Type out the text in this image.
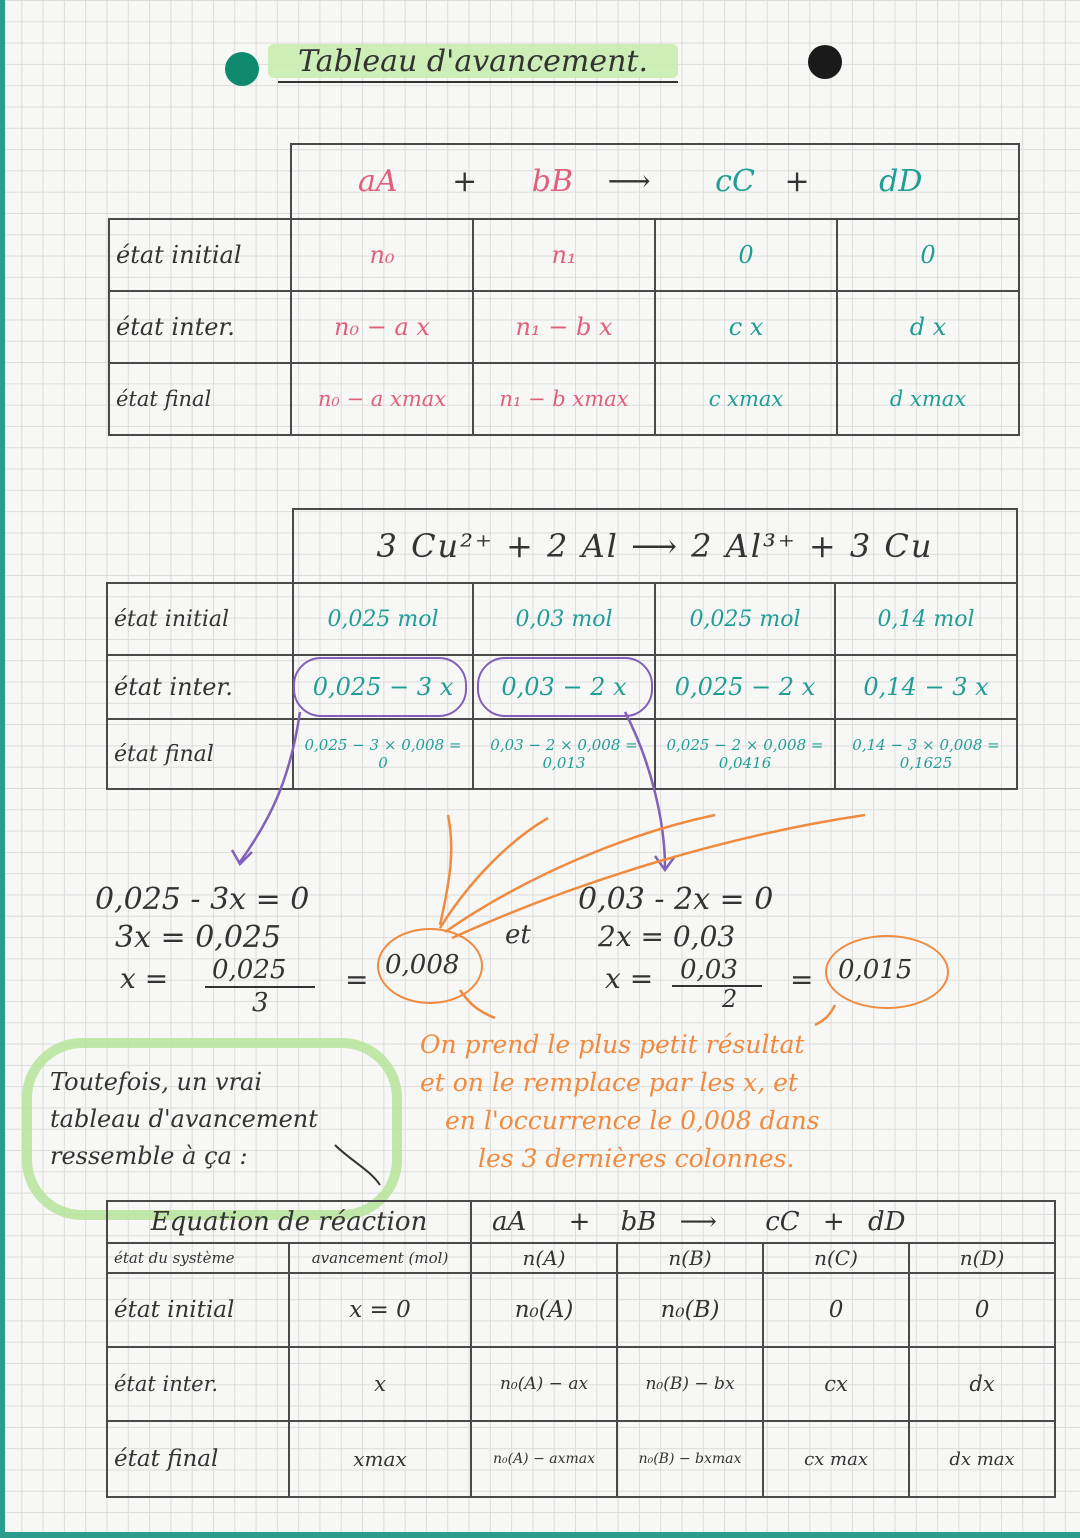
Tableau d'avancement.
	aA + bB ⟶ cC + dD			
état initial	n₀	n₁	0	0
état inter.	n₀ − a x	n₁ − b x	c x	d x
état final	n₀ − a xmax	n₁ − b xmax	c xmax	d xmax
	3 Cu²⁺ + 2 Al ⟶ 2 Al³⁺ + 3 Cu			
état initial	0,025 mol	0,03 mol	0,025 mol	0,14 mol
état inter.	0,025 − 3 x	0,03 − 2 x	0,025 − 2 x	0,14 − 3 x
état final	0,025 − 3 × 0,008 = 0	0,03 − 2 × 0,008 = 0,013	0,025 − 2 × 0,008 = 0,0416	0,14 − 3 × 0,008 = 0,1625
0,025 - 3x = 0
3x = 0,025
x = 0,025
3
= 0,008
et
0,03 - 2x = 0
2x = 0,03
x = 0,03
2
= 0,015
On prend le plus petit résultat
et on le remplace par les x, et
en l'occurrence le 0,008 dans
les 3 dernières colonnes.
Toutefois, un vrai
tableau d'avancement
ressemble à ça :
Equation de réaction		aA + bB ⟶ cC + dD			
état du système	avancement (mol)	n(A)	n(B)	n(C)	n(D)
état initial	x = 0	n₀(A)	n₀(B)	0	0
état inter.	x	n₀(A) − ax	n₀(B) − bx	cx	dx
état final	xmax	n₀(A) − axmax	n₀(B) − bxmax	cx max	dx max
